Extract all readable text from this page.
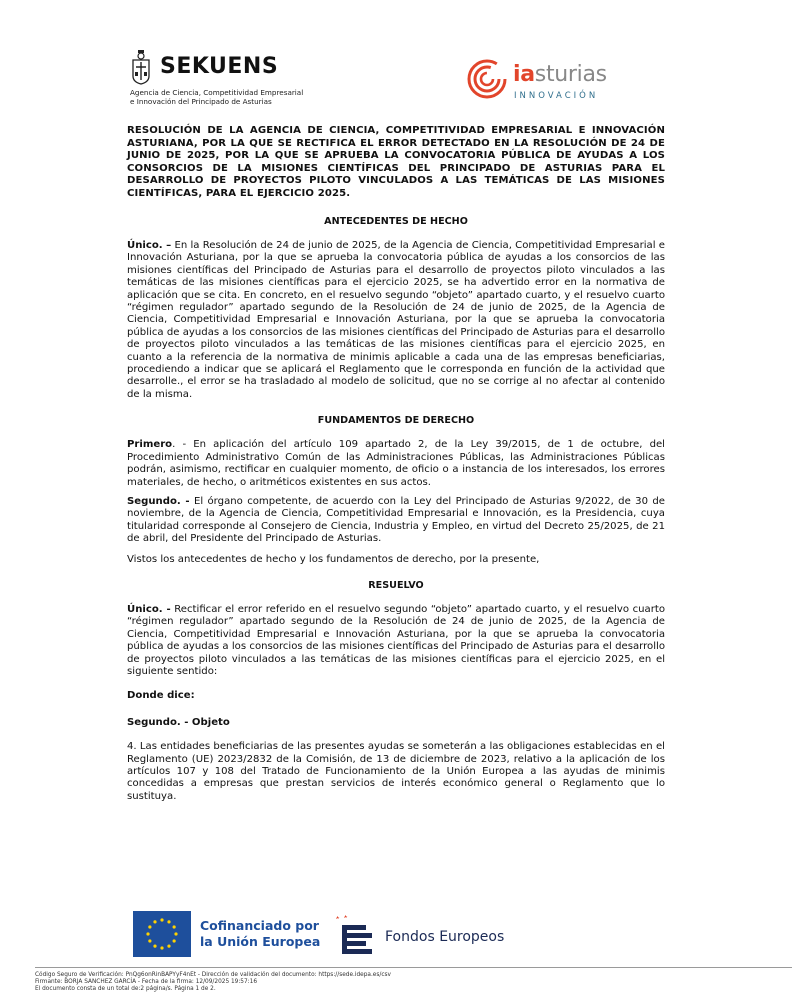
SEKUENS
Agencia de Ciencia, Competitividad Empresarial
e Innovación del Principado de Asturias
iasturias
INNOVACIÓN
RESOLUCIÓN DE LA AGENCIA DE CIENCIA, COMPETITIVIDAD EMPRESARIAL E INNOVACIÓN ASTURIANA, POR LA QUE SE RECTIFICA EL ERROR DETECTADO EN LA RESOLUCIÓN DE 24 DE JUNIO DE 2025, POR LA QUE SE APRUEBA LA CONVOCATORIA PÚBLICA DE AYUDAS A LOS CONSORCIOS DE LA MISIONES CIENTÍFICAS DEL PRINCIPADO DE ASTURIAS PARA EL DESARROLLO DE PROYECTOS PILOTO VINCULADOS A LAS TEMÁTICAS DE LAS MISIONES CIENTÍFICAS, PARA EL EJERCICIO 2025.
ANTECEDENTES DE HECHO

Único. – En la Resolución de 24 de junio de 2025, de la Agencia de Ciencia, Competitividad Empresarial e Innovación Asturiana, por la que se aprueba la convocatoria pública de ayudas a los consorcios de las misiones científicas del Principado de Asturias para el desarrollo de proyectos piloto vinculados a las temáticas de las misiones científicas para el ejercicio 2025, se ha advertido error en la normativa de aplicación que se cita. En concreto, en el resuelvo segundo “objeto” apartado cuarto, y el resuelvo cuarto “régimen regulador” apartado segundo de la Resolución de 24 de junio de 2025, de la Agencia de Ciencia, Competitividad Empresarial e Innovación Asturiana, por la que se aprueba la convocatoria pública de ayudas a los consorcios de las misiones científicas del Principado de Asturias para el desarrollo de proyectos piloto vinculados a las temáticas de las misiones científicas para el ejercicio 2025, en cuanto a la referencia de la normativa de minimis aplicable a cada una de las empresas beneficiarias, procediendo a indicar que se aplicará el Reglamento que le corresponda en función de la actividad que desarrolle., el error se ha trasladado al modelo de solicitud, que no se corrige al no afectar al contenido de la misma.

FUNDAMENTOS DE DERECHO

Primero. - En aplicación del artículo 109 apartado 2, de la Ley 39/2015, de 1 de octubre, del Procedimiento Administrativo Común de las Administraciones Públicas, las Administraciones Públicas podrán, asimismo, rectificar en cualquier momento, de oficio o a instancia de los interesados, los errores materiales, de hecho, o aritméticos existentes en sus actos.

Segundo. - El órgano competente, de acuerdo con la Ley del Principado de Asturias 9/2022, de 30 de noviembre, de la Agencia de Ciencia, Competitividad Empresarial e Innovación, es la Presidencia, cuya titularidad corresponde al Consejero de Ciencia, Industria y Empleo, en virtud del Decreto 25/2025, de 21 de abril, del Presidente del Principado de Asturias.

Vistos los antecedentes de hecho y los fundamentos de derecho, por la presente,

RESUELVO

Único. - Rectificar el error referido en el resuelvo segundo “objeto” apartado cuarto, y el resuelvo cuarto “régimen regulador” apartado segundo de la Resolución de 24 de junio de 2025, de la Agencia de Ciencia, Competitividad Empresarial e Innovación Asturiana, por la que se aprueba la convocatoria pública de ayudas a los consorcios de las misiones científicas del Principado de Asturias para el desarrollo de proyectos piloto vinculados a las temáticas de las misiones científicas para el ejercicio 2025, en el siguiente sentido:

Donde dice:
Segundo. - Objeto

4. Las entidades beneficiarias de las presentes ayudas se someterán a las obligaciones establecidas en el Reglamento (UE) 2023/2832 de la Comisión, de 13 de diciembre de 2023, relativo a la aplicación de los artículos 107 y 108 del Tratado de Funcionamiento de la Unión Europea a las ayudas de minimis concedidas a empresas que prestan servicios de interés económico general o Reglamento que lo sustituya.

Cofinanciado por
la Unión Europea	Fondos Europeos
Código Seguro de Verificación: PnQg6onRinBAPYyF4nEt - Dirección de validación del documento: https://sede.idepa.es/csv
Firmante: BORJA SANCHEZ GARCÍA - Fecha de la firma: 12/09/2025 19:57:16
El documento consta de un total de:2 página/s. Página 1 de 2.
